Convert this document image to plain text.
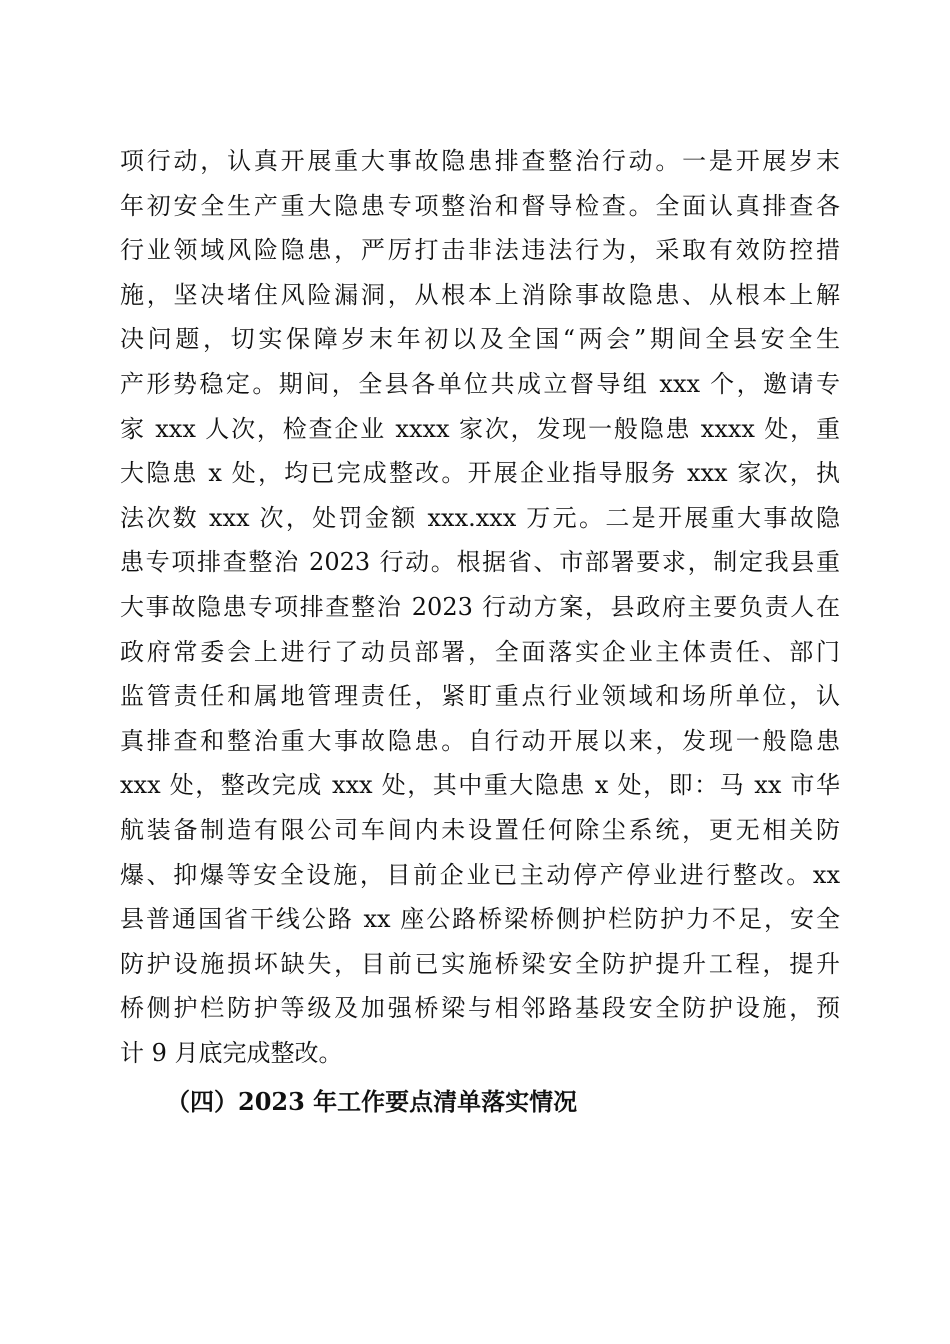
项行动，认真开展重大事故隐患排查整治行动。一是开展岁末
年初安全生产重大隐患专项整治和督导检查。全面认真排查各
行业领域风险隐患，严厉打击非法违法行为，采取有效防控措
施，坚决堵住风险漏洞，从根本上消除事故隐患、从根本上解
决问题，切实保障岁末年初以及全国“两会”期间全县安全生
产形势稳定。期间，全县各单位共成立督导组 xxx 个，邀请专
家 xxx 人次，检查企业 xxxx 家次，发现一般隐患 xxxx 处，重
大隐患 x 处，均已完成整改。开展企业指导服务 xxx 家次，执
法次数 xxx 次，处罚金额 xxx.xxx 万元。二是开展重大事故隐
患专项排查整治 2023 行动。根据省、市部署要求，制定我县重
大事故隐患专项排查整治 2023 行动方案，县政府主要负责人在
政府常委会上进行了动员部署，全面落实企业主体责任、部门
监管责任和属地管理责任，紧盯重点行业领域和场所单位，认
真排查和整治重大事故隐患。自行动开展以来，发现一般隐患
xxx 处，整改完成 xxx 处，其中重大隐患 x 处，即：马 xx 市华
航装备制造有限公司车间内未设置任何除尘系统，更无相关防
爆、抑爆等安全设施，目前企业已主动停产停业进行整改。xx
县普通国省干线公路 xx 座公路桥梁桥侧护栏防护力不足，安全
防护设施损坏缺失，目前已实施桥梁安全防护提升工程，提升
桥侧护栏防护等级及加强桥梁与相邻路基段安全防护设施，预
计 9 月底完成整改。
（四）2023 年工作要点清单落实情况
